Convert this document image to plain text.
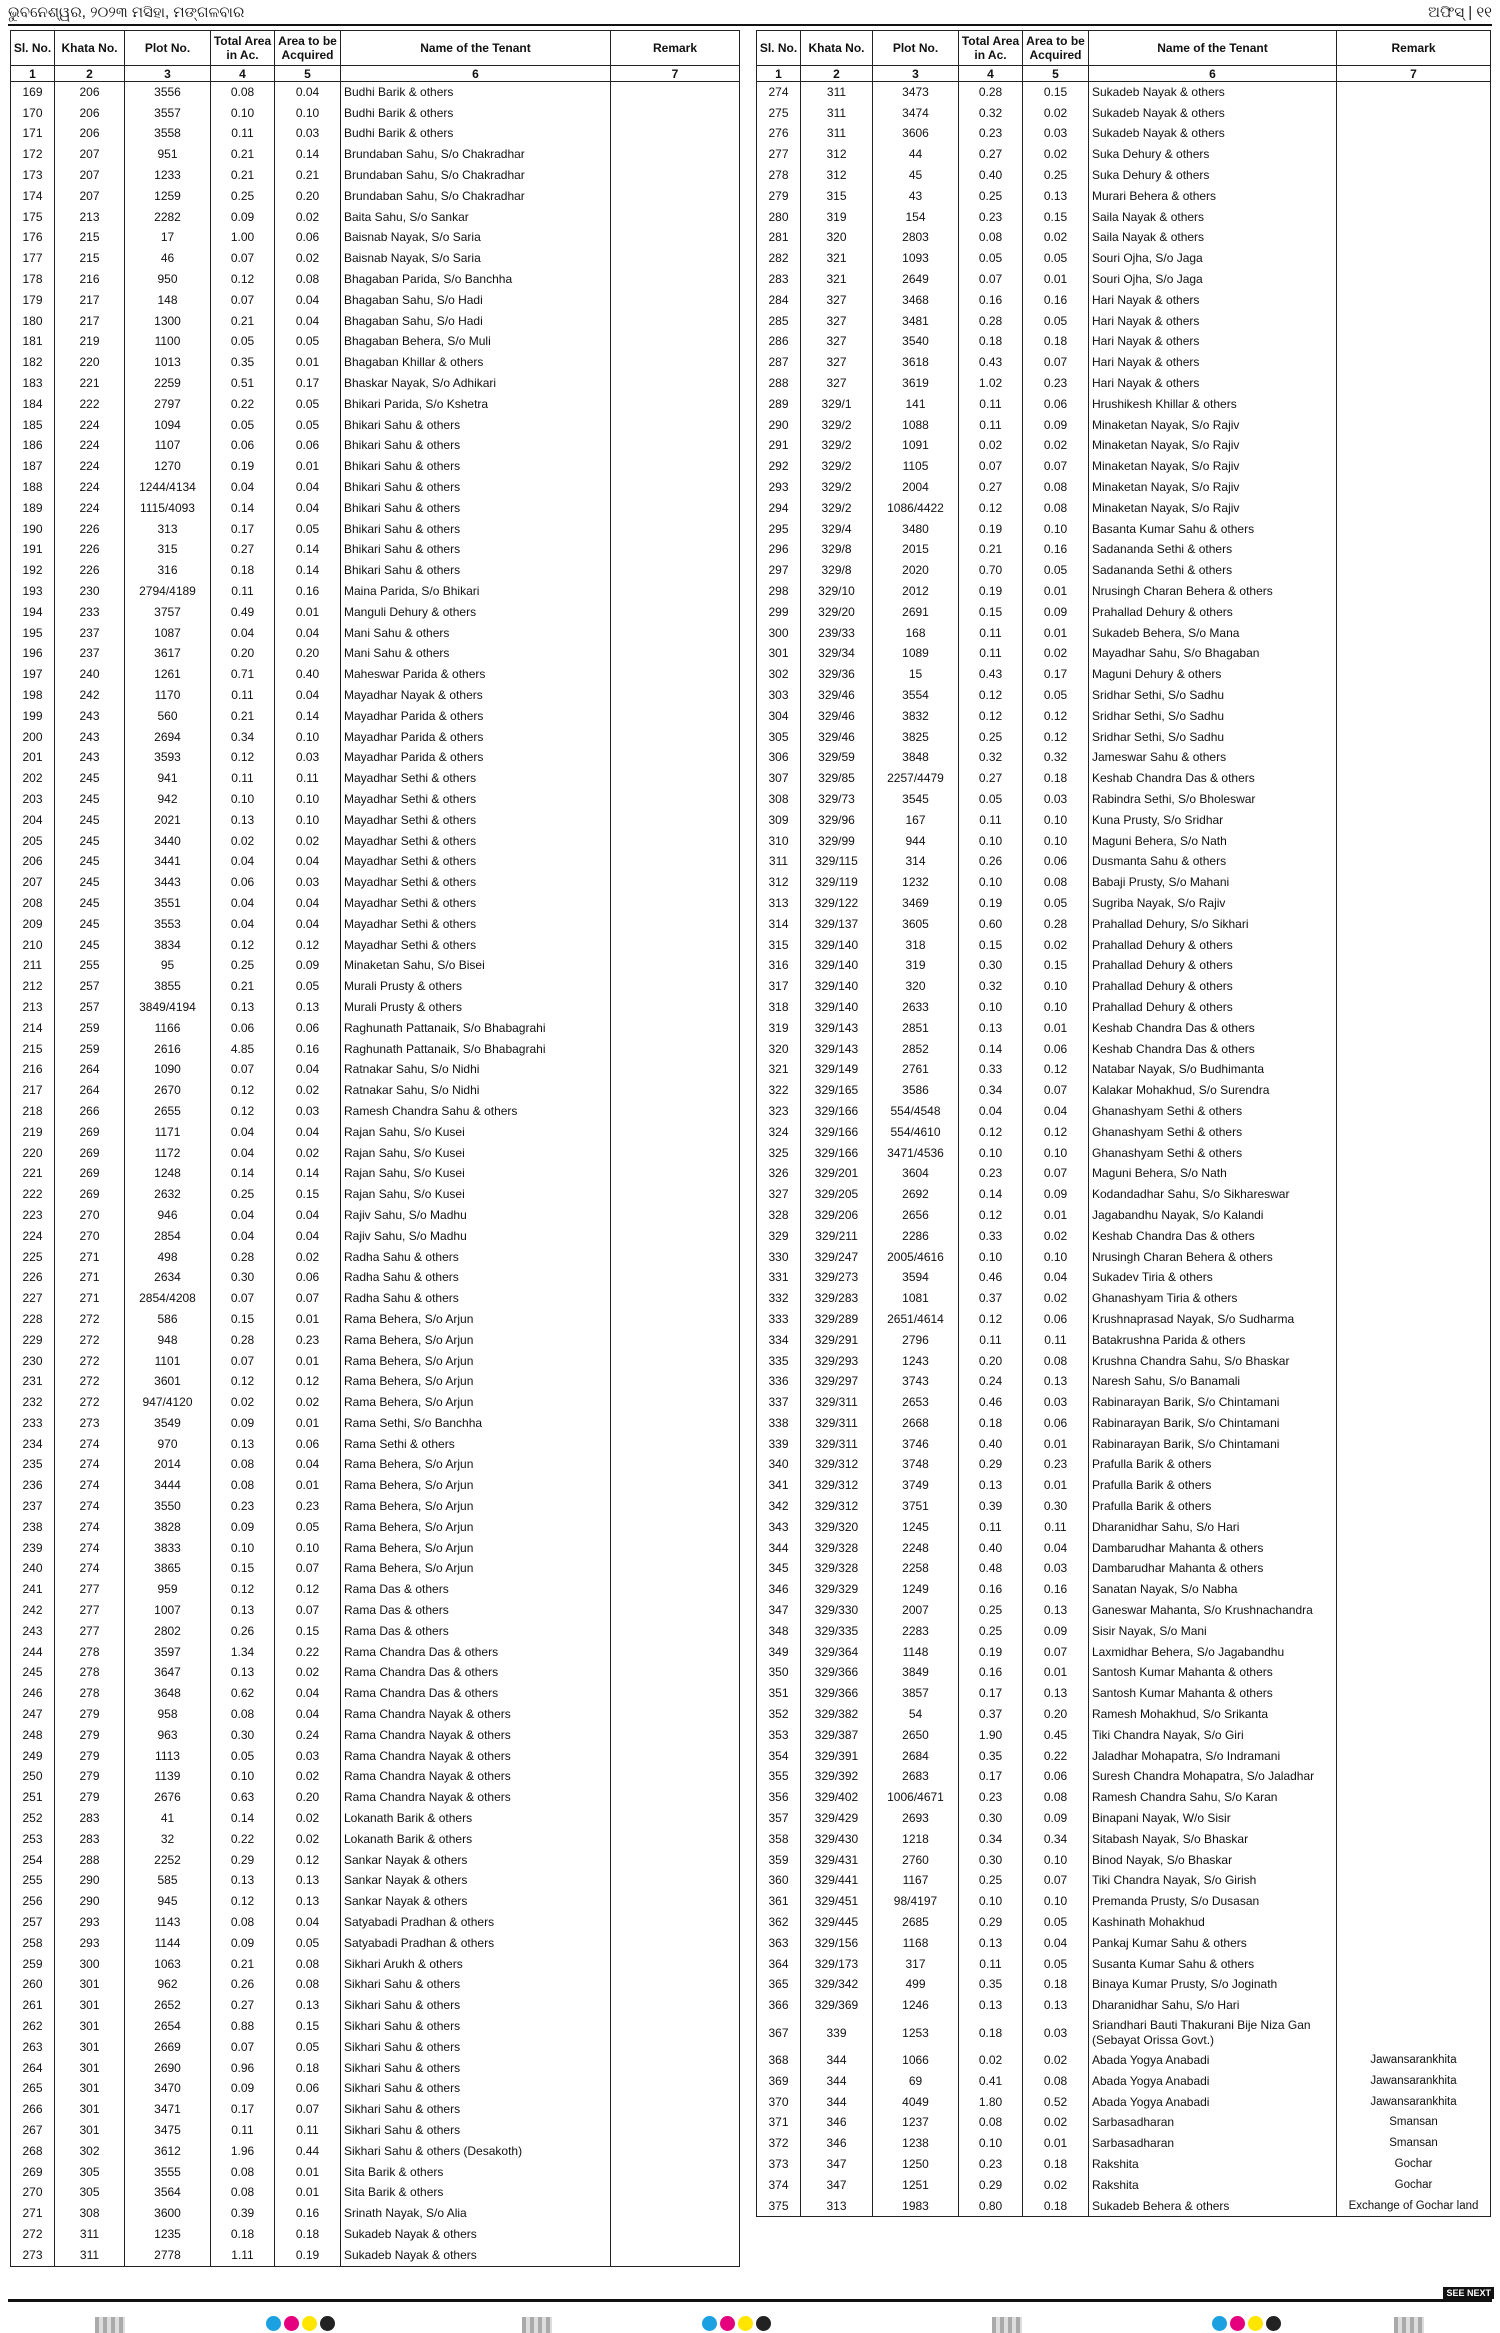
ଭୁବନେଶ୍ୱର, ୨୦୨୩ ମସିହା, ମଙ୍ଗଳବାର	ଅଫିସ୍ | ୧୧
Sl. No.	Khata No.	Plot No.	Total Area in Ac.	Area to be Acquired	Name of the Tenant	Remark
1	2	3	4	5	6	7
169	206	3556	0.08	0.04	Budhi Barik & others	
170	206	3557	0.10	0.10	Budhi Barik & others	
171	206	3558	0.11	0.03	Budhi Barik & others	
172	207	951	0.21	0.14	Brundaban Sahu, S/o Chakradhar	
173	207	1233	0.21	0.21	Brundaban Sahu, S/o Chakradhar	
174	207	1259	0.25	0.20	Brundaban Sahu, S/o Chakradhar	
175	213	2282	0.09	0.02	Baita Sahu, S/o Sankar	
176	215	17	1.00	0.06	Baisnab Nayak, S/o Saria	
177	215	46	0.07	0.02	Baisnab Nayak, S/o Saria	
178	216	950	0.12	0.08	Bhagaban Parida, S/o Banchha	
179	217	148	0.07	0.04	Bhagaban Sahu, S/o Hadi	
180	217	1300	0.21	0.04	Bhagaban Sahu, S/o Hadi	
181	219	1100	0.05	0.05	Bhagaban Behera, S/o Muli	
182	220	1013	0.35	0.01	Bhagaban Khillar & others	
183	221	2259	0.51	0.17	Bhaskar Nayak, S/o Adhikari	
184	222	2797	0.22	0.05	Bhikari Parida, S/o Kshetra	
185	224	1094	0.05	0.05	Bhikari Sahu & others	
186	224	1107	0.06	0.06	Bhikari Sahu & others	
187	224	1270	0.19	0.01	Bhikari Sahu & others	
188	224	1244/4134	0.04	0.04	Bhikari Sahu & others	
189	224	1115/4093	0.14	0.04	Bhikari Sahu & others	
190	226	313	0.17	0.05	Bhikari Sahu & others	
191	226	315	0.27	0.14	Bhikari Sahu & others	
192	226	316	0.18	0.14	Bhikari Sahu & others	
193	230	2794/4189	0.11	0.16	Maina Parida, S/o Bhikari	
194	233	3757	0.49	0.01	Manguli Dehury & others	
195	237	1087	0.04	0.04	Mani Sahu & others	
196	237	3617	0.20	0.20	Mani Sahu & others	
197	240	1261	0.71	0.40	Maheswar Parida & others	
198	242	1170	0.11	0.04	Mayadhar Nayak & others	
199	243	560	0.21	0.14	Mayadhar Parida & others	
200	243	2694	0.34	0.10	Mayadhar Parida & others	
201	243	3593	0.12	0.03	Mayadhar Parida & others	
202	245	941	0.11	0.11	Mayadhar Sethi & others	
203	245	942	0.10	0.10	Mayadhar Sethi & others	
204	245	2021	0.13	0.10	Mayadhar Sethi & others	
205	245	3440	0.02	0.02	Mayadhar Sethi & others	
206	245	3441	0.04	0.04	Mayadhar Sethi & others	
207	245	3443	0.06	0.03	Mayadhar Sethi & others	
208	245	3551	0.04	0.04	Mayadhar Sethi & others	
209	245	3553	0.04	0.04	Mayadhar Sethi & others	
210	245	3834	0.12	0.12	Mayadhar Sethi & others	
211	255	95	0.25	0.09	Minaketan Sahu, S/o Bisei	
212	257	3855	0.21	0.05	Murali Prusty & others	
213	257	3849/4194	0.13	0.13	Murali Prusty & others	
214	259	1166	0.06	0.06	Raghunath Pattanaik, S/o Bhabagrahi	
215	259	2616	4.85	0.16	Raghunath Pattanaik, S/o Bhabagrahi	
216	264	1090	0.07	0.04	Ratnakar Sahu, S/o Nidhi	
217	264	2670	0.12	0.02	Ratnakar Sahu, S/o Nidhi	
218	266	2655	0.12	0.03	Ramesh Chandra Sahu & others	
219	269	1171	0.04	0.04	Rajan Sahu, S/o Kusei	
220	269	1172	0.04	0.02	Rajan Sahu, S/o Kusei	
221	269	1248	0.14	0.14	Rajan Sahu, S/o Kusei	
222	269	2632	0.25	0.15	Rajan Sahu, S/o Kusei	
223	270	946	0.04	0.04	Rajiv Sahu, S/o Madhu	
224	270	2854	0.04	0.04	Rajiv Sahu, S/o Madhu	
225	271	498	0.28	0.02	Radha Sahu & others	
226	271	2634	0.30	0.06	Radha Sahu & others	
227	271	2854/4208	0.07	0.07	Radha Sahu & others	
228	272	586	0.15	0.01	Rama Behera, S/o Arjun	
229	272	948	0.28	0.23	Rama Behera, S/o Arjun	
230	272	1101	0.07	0.01	Rama Behera, S/o Arjun	
231	272	3601	0.12	0.12	Rama Behera, S/o Arjun	
232	272	947/4120	0.02	0.02	Rama Behera, S/o Arjun	
233	273	3549	0.09	0.01	Rama Sethi, S/o Banchha	
234	274	970	0.13	0.06	Rama Sethi & others	
235	274	2014	0.08	0.04	Rama Behera, S/o Arjun	
236	274	3444	0.08	0.01	Rama Behera, S/o Arjun	
237	274	3550	0.23	0.23	Rama Behera, S/o Arjun	
238	274	3828	0.09	0.05	Rama Behera, S/o Arjun	
239	274	3833	0.10	0.10	Rama Behera, S/o Arjun	
240	274	3865	0.15	0.07	Rama Behera, S/o Arjun	
241	277	959	0.12	0.12	Rama Das & others	
242	277	1007	0.13	0.07	Rama Das & others	
243	277	2802	0.26	0.15	Rama Das & others	
244	278	3597	1.34	0.22	Rama Chandra Das & others	
245	278	3647	0.13	0.02	Rama Chandra Das & others	
246	278	3648	0.62	0.04	Rama Chandra Das & others	
247	279	958	0.08	0.04	Rama Chandra Nayak & others	
248	279	963	0.30	0.24	Rama Chandra Nayak & others	
249	279	1113	0.05	0.03	Rama Chandra Nayak & others	
250	279	1139	0.10	0.02	Rama Chandra Nayak & others	
251	279	2676	0.63	0.20	Rama Chandra Nayak & others	
252	283	41	0.14	0.02	Lokanath Barik & others	
253	283	32	0.22	0.02	Lokanath Barik & others	
254	288	2252	0.29	0.12	Sankar Nayak & others	
255	290	585	0.13	0.13	Sankar Nayak & others	
256	290	945	0.12	0.13	Sankar Nayak & others	
257	293	1143	0.08	0.04	Satyabadi Pradhan & others	
258	293	1144	0.09	0.05	Satyabadi Pradhan & others	
259	300	1063	0.21	0.08	Sikhari Arukh & others	
260	301	962	0.26	0.08	Sikhari Sahu & others	
261	301	2652	0.27	0.13	Sikhari Sahu & others	
262	301	2654	0.88	0.15	Sikhari Sahu & others	
263	301	2669	0.07	0.05	Sikhari Sahu & others	
264	301	2690	0.96	0.18	Sikhari Sahu & others	
265	301	3470	0.09	0.06	Sikhari Sahu & others	
266	301	3471	0.17	0.07	Sikhari Sahu & others	
267	301	3475	0.11	0.11	Sikhari Sahu & others	
268	302	3612	1.96	0.44	Sikhari Sahu & others (Desakoth)	
269	305	3555	0.08	0.01	Sita Barik & others	
270	305	3564	0.08	0.01	Sita Barik & others	
271	308	3600	0.39	0.16	Srinath Nayak, S/o Alia	
272	311	1235	0.18	0.18	Sukadeb Nayak & others	
273	311	2778	1.11	0.19	Sukadeb Nayak & others	
Sl. No.	Khata No.	Plot No.	Total Area in Ac.	Area to be Acquired	Name of the Tenant	Remark
1	2	3	4	5	6	7
274	311	3473	0.28	0.15	Sukadeb Nayak & others	
275	311	3474	0.32	0.02	Sukadeb Nayak & others	
276	311	3606	0.23	0.03	Sukadeb Nayak & others	
277	312	44	0.27	0.02	Suka Dehury & others	
278	312	45	0.40	0.25	Suka Dehury & others	
279	315	43	0.25	0.13	Murari Behera & others	
280	319	154	0.23	0.15	Saila Nayak & others	
281	320	2803	0.08	0.02	Saila Nayak & others	
282	321	1093	0.05	0.05	Souri Ojha, S/o Jaga	
283	321	2649	0.07	0.01	Souri Ojha, S/o Jaga	
284	327	3468	0.16	0.16	Hari Nayak & others	
285	327	3481	0.28	0.05	Hari Nayak & others	
286	327	3540	0.18	0.18	Hari Nayak & others	
287	327	3618	0.43	0.07	Hari Nayak & others	
288	327	3619	1.02	0.23	Hari Nayak & others	
289	329/1	141	0.11	0.06	Hrushikesh Khillar & others	
290	329/2	1088	0.11	0.09	Minaketan Nayak, S/o Rajiv	
291	329/2	1091	0.02	0.02	Minaketan Nayak, S/o Rajiv	
292	329/2	1105	0.07	0.07	Minaketan Nayak, S/o Rajiv	
293	329/2	2004	0.27	0.08	Minaketan Nayak, S/o Rajiv	
294	329/2	1086/4422	0.12	0.08	Minaketan Nayak, S/o Rajiv	
295	329/4	3480	0.19	0.10	Basanta Kumar Sahu & others	
296	329/8	2015	0.21	0.16	Sadananda Sethi & others	
297	329/8	2020	0.70	0.05	Sadananda Sethi & others	
298	329/10	2012	0.19	0.01	Nrusingh Charan Behera & others	
299	329/20	2691	0.15	0.09	Prahallad Dehury & others	
300	239/33	168	0.11	0.01	Sukadeb Behera, S/o Mana	
301	329/34	1089	0.11	0.02	Mayadhar Sahu, S/o Bhagaban	
302	329/36	15	0.43	0.17	Maguni Dehury & others	
303	329/46	3554	0.12	0.05	Sridhar Sethi, S/o Sadhu	
304	329/46	3832	0.12	0.12	Sridhar Sethi, S/o Sadhu	
305	329/46	3825	0.25	0.12	Sridhar Sethi, S/o Sadhu	
306	329/59	3848	0.32	0.32	Jameswar Sahu & others	
307	329/85	2257/4479	0.27	0.18	Keshab Chandra Das & others	
308	329/73	3545	0.05	0.03	Rabindra Sethi, S/o Bholeswar	
309	329/96	167	0.11	0.10	Kuna Prusty, S/o Sridhar	
310	329/99	944	0.10	0.10	Maguni Behera, S/o Nath	
311	329/115	314	0.26	0.06	Dusmanta Sahu & others	
312	329/119	1232	0.10	0.08	Babaji Prusty, S/o Mahani	
313	329/122	3469	0.19	0.05	Sugriba Nayak, S/o Rajiv	
314	329/137	3605	0.60	0.28	Prahallad Dehury, S/o Sikhari	
315	329/140	318	0.15	0.02	Prahallad Dehury & others	
316	329/140	319	0.30	0.15	Prahallad Dehury & others	
317	329/140	320	0.32	0.10	Prahallad Dehury & others	
318	329/140	2633	0.10	0.10	Prahallad Dehury & others	
319	329/143	2851	0.13	0.01	Keshab Chandra Das & others	
320	329/143	2852	0.14	0.06	Keshab Chandra Das & others	
321	329/149	2761	0.33	0.12	Natabar Nayak, S/o Budhimanta	
322	329/165	3586	0.34	0.07	Kalakar Mohakhud, S/o Surendra	
323	329/166	554/4548	0.04	0.04	Ghanashyam Sethi & others	
324	329/166	554/4610	0.12	0.12	Ghanashyam Sethi & others	
325	329/166	3471/4536	0.10	0.10	Ghanashyam Sethi & others	
326	329/201	3604	0.23	0.07	Maguni Behera, S/o Nath	
327	329/205	2692	0.14	0.09	Kodandadhar Sahu, S/o Sikhareswar	
328	329/206	2656	0.12	0.01	Jagabandhu Nayak, S/o Kalandi	
329	329/211	2286	0.33	0.02	Keshab Chandra Das & others	
330	329/247	2005/4616	0.10	0.10	Nrusingh Charan Behera & others	
331	329/273	3594	0.46	0.04	Sukadev Tiria & others	
332	329/283	1081	0.37	0.02	Ghanashyam Tiria & others	
333	329/289	2651/4614	0.12	0.06	Krushnaprasad Nayak, S/o Sudharma	
334	329/291	2796	0.11	0.11	Batakrushna Parida & others	
335	329/293	1243	0.20	0.08	Krushna Chandra Sahu, S/o Bhaskar	
336	329/297	3743	0.24	0.13	Naresh Sahu, S/o Banamali	
337	329/311	2653	0.46	0.03	Rabinarayan Barik, S/o Chintamani	
338	329/311	2668	0.18	0.06	Rabinarayan Barik, S/o Chintamani	
339	329/311	3746	0.40	0.01	Rabinarayan Barik, S/o Chintamani	
340	329/312	3748	0.29	0.23	Prafulla Barik & others	
341	329/312	3749	0.13	0.01	Prafulla Barik & others	
342	329/312	3751	0.39	0.30	Prafulla Barik & others	
343	329/320	1245	0.11	0.11	Dharanidhar Sahu, S/o Hari	
344	329/328	2248	0.40	0.04	Dambarudhar Mahanta & others	
345	329/328	2258	0.48	0.03	Dambarudhar Mahanta & others	
346	329/329	1249	0.16	0.16	Sanatan Nayak, S/o Nabha	
347	329/330	2007	0.25	0.13	Ganeswar Mahanta, S/o Krushnachandra	
348	329/335	2283	0.25	0.09	Sisir Nayak, S/o Mani	
349	329/364	1148	0.19	0.07	Laxmidhar Behera, S/o Jagabandhu	
350	329/366	3849	0.16	0.01	Santosh Kumar Mahanta & others	
351	329/366	3857	0.17	0.13	Santosh Kumar Mahanta & others	
352	329/382	54	0.37	0.20	Ramesh Mohakhud, S/o Srikanta	
353	329/387	2650	1.90	0.45	Tiki Chandra Nayak, S/o Giri	
354	329/391	2684	0.35	0.22	Jaladhar Mohapatra, S/o Indramani	
355	329/392	2683	0.17	0.06	Suresh Chandra Mohapatra, S/o Jaladhar	
356	329/402	1006/4671	0.23	0.08	Ramesh Chandra Sahu, S/o Karan	
357	329/429	2693	0.30	0.09	Binapani Nayak, W/o Sisir	
358	329/430	1218	0.34	0.34	Sitabash Nayak, S/o Bhaskar	
359	329/431	2760	0.30	0.10	Binod Nayak, S/o Bhaskar	
360	329/441	1167	0.25	0.07	Tiki Chandra Nayak, S/o Girish	
361	329/451	98/4197	0.10	0.10	Premanda Prusty, S/o Dusasan	
362	329/445	2685	0.29	0.05	Kashinath Mohakhud	
363	329/156	1168	0.13	0.04	Pankaj Kumar Sahu & others	
364	329/173	317	0.11	0.05	Susanta Kumar Sahu & others	
365	329/342	499	0.35	0.18	Binaya Kumar Prusty, S/o Joginath	
366	329/369	1246	0.13	0.13	Dharanidhar Sahu, S/o Hari	
367	339	1253	0.18	0.03	Sriandhari Bauti Thakurani Bije Niza Gan (Sebayat Orissa Govt.)	
368	344	1066	0.02	0.02	Abada Yogya Anabadi	Jawansarankhita
369	344	69	0.41	0.08	Abada Yogya Anabadi	Jawansarankhita
370	344	4049	1.80	0.52	Abada Yogya Anabadi	Jawansarankhita
371	346	1237	0.08	0.02	Sarbasadharan	Smansan
372	346	1238	0.10	0.01	Sarbasadharan	Smansan
373	347	1250	0.23	0.18	Rakshita	Gochar
374	347	1251	0.29	0.02	Rakshita	Gochar
375	313	1983	0.80	0.18	Sukadeb Behera & others	Exchange of Gochar land
SEE NEXT
